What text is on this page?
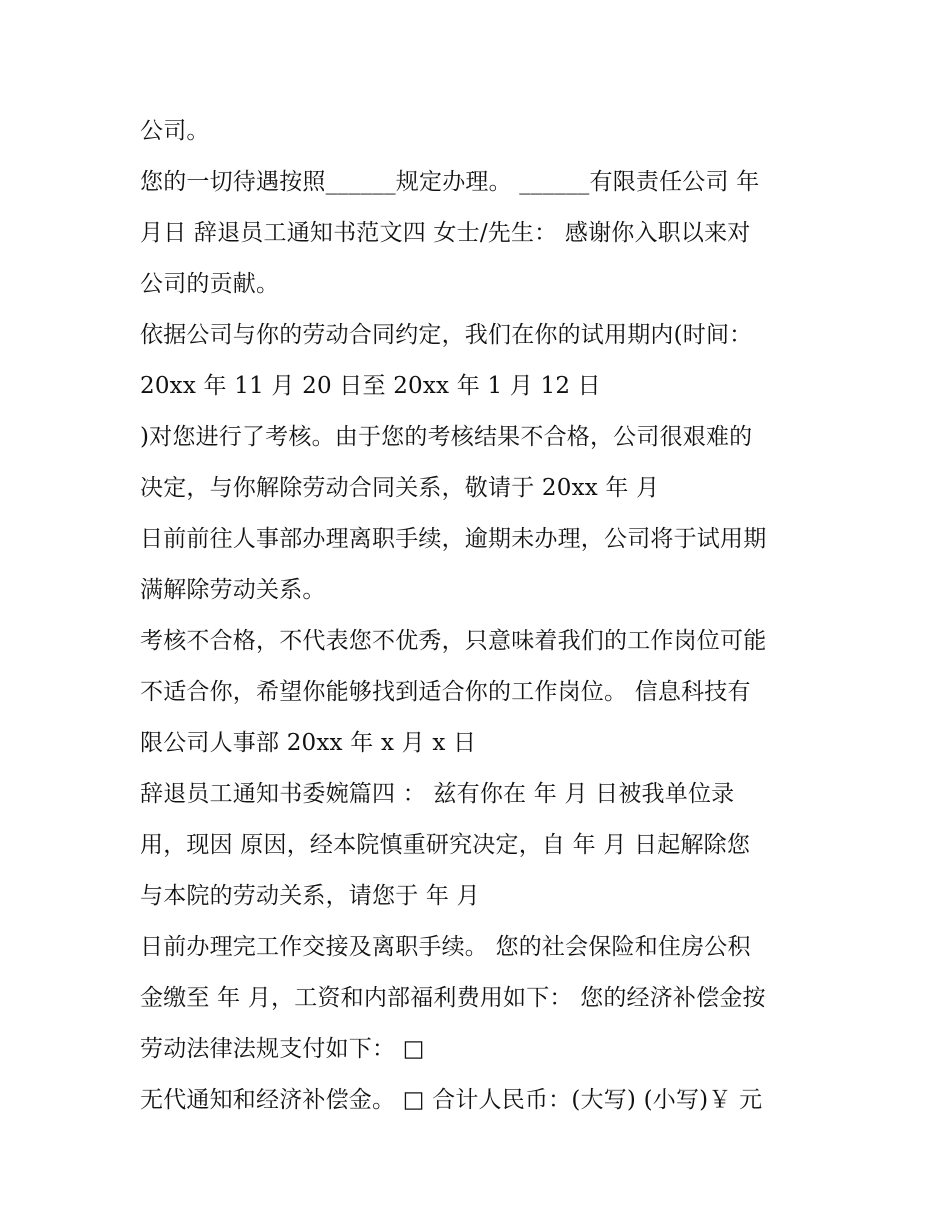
公司。
您的一切待遇按照______规定办理。 ______有限责任公司 年
月日 辞退员工通知书范文四 女士/先生： 感谢你入职以来对
公司的贡献。
依据公司与你的劳动合同约定，我们在你的试用期内(时间：
20xx 年 11 月 20 日至 20xx 年 1 月 12 日
)对您进行了考核。由于您的考核结果不合格，公司很艰难的
决定，与你解除劳动合同关系，敬请于 20xx 年 月
日前前往人事部办理离职手续，逾期未办理，公司将于试用期
满解除劳动关系。
考核不合格，不代表您不优秀，只意味着我们的工作岗位可能
不适合你，希望你能够找到适合你的工作岗位。 信息科技有
限公司人事部 20xx 年 x 月 x 日
辞退员工通知书委婉篇四 ： 兹有你在 年 月 日被我单位录
用，现因 原因，经本院慎重研究决定，自 年 月 日起解除您
与本院的劳动关系，请您于 年 月
日前办理完工作交接及离职手续。 您的社会保险和住房公积
金缴至 年 月，工资和内部福利费用如下： 您的经济补偿金按
劳动法律法规支付如下： □
无代通知和经济补偿金。 □ 合计人民币：(大写) (小写)￥ 元
